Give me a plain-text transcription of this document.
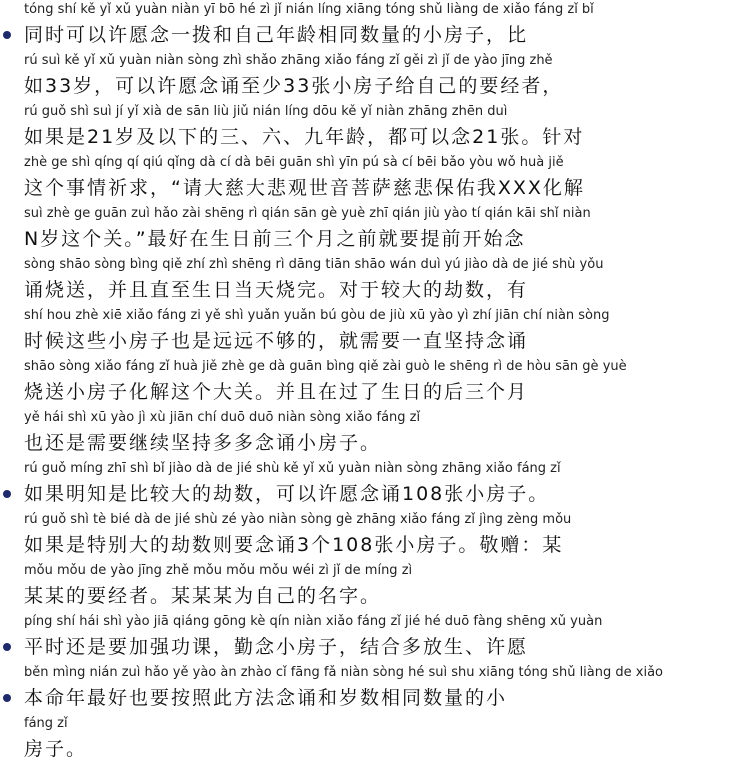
tóng shí kě yǐ xǔ yuàn niàn yī bō hé zì jǐ nián líng xiāng tóng shǔ liàng de xiǎo fáng zǐ bǐ
同时可以许愿念一拨和自己年龄相同数量的小房子，比
rú suì kě yǐ xǔ yuàn niàn sòng zhì shǎo zhāng xiǎo fáng zǐ gěi zì jǐ de yào jīng zhě
如33岁，可以许愿念诵至少33张小房子给自己的要经者，
rú guǒ shì suì jí yǐ xià de sān liù jiǔ nián líng dōu kě yǐ niàn zhāng zhēn duì
如果是21岁及以下的三、六、九年龄，都可以念21张。针对
zhè ge shì qíng qí qiú qǐng dà cí dà bēi guān shì yīn pú sà cí bēi bǎo yòu wǒ huà jiě
这个事情祈求，“请大慈大悲观世音菩萨慈悲保佑我XXX化解
suì zhè ge guān zuì hǎo zài shēng rì qián sān gè yuè zhī qián jiù yào tí qián kāi shǐ niàn
N岁这个关。”最好在生日前三个月之前就要提前开始念
sòng shāo sòng bìng qiě zhí zhì shēng rì dāng tiān shāo wán duì yú jiào dà de jié shù yǒu
诵烧送，并且直至生日当天烧完。对于较大的劫数，有
shí hou zhè xiē xiǎo fáng zi yě shì yuǎn yuǎn bú gòu de jiù xū yào yì zhí jiān chí niàn sòng
时候这些小房子也是远远不够的，就需要一直坚持念诵
shāo sòng xiǎo fáng zǐ huà jiě zhè ge dà guān bìng qiě zài guò le shēng rì de hòu sān gè yuè
烧送小房子化解这个大关。并且在过了生日的后三个月
yě hái shì xū yào jì xù jiān chí duō duō niàn sòng xiǎo fáng zǐ
也还是需要继续坚持多多念诵小房子。
rú guǒ míng zhī shì bǐ jiào dà de jié shù kě yǐ xǔ yuàn niàn sòng zhāng xiǎo fáng zǐ
如果明知是比较大的劫数，可以许愿念诵108张小房子。
rú guǒ shì tè bié dà de jié shù zé yào niàn sòng gè zhāng xiǎo fáng zǐ jìng zèng mǒu
如果是特别大的劫数则要念诵3个108张小房子。敬赠：某
mǒu mǒu de yào jīng zhě mǒu mǒu mǒu wéi zì jǐ de míng zì
某某的要经者。某某某为自己的名字。
píng shí hái shì yào jiā qiáng gōng kè qín niàn xiǎo fáng zǐ jié hé duō fàng shēng xǔ yuàn
平时还是要加强功课，勤念小房子，结合多放生、许愿
běn mìng nián zuì hǎo yě yào àn zhào cǐ fāng fǎ niàn sòng hé suì shu xiāng tóng shǔ liàng de xiǎo
本命年最好也要按照此方法念诵和岁数相同数量的小
fáng zǐ
房子。
